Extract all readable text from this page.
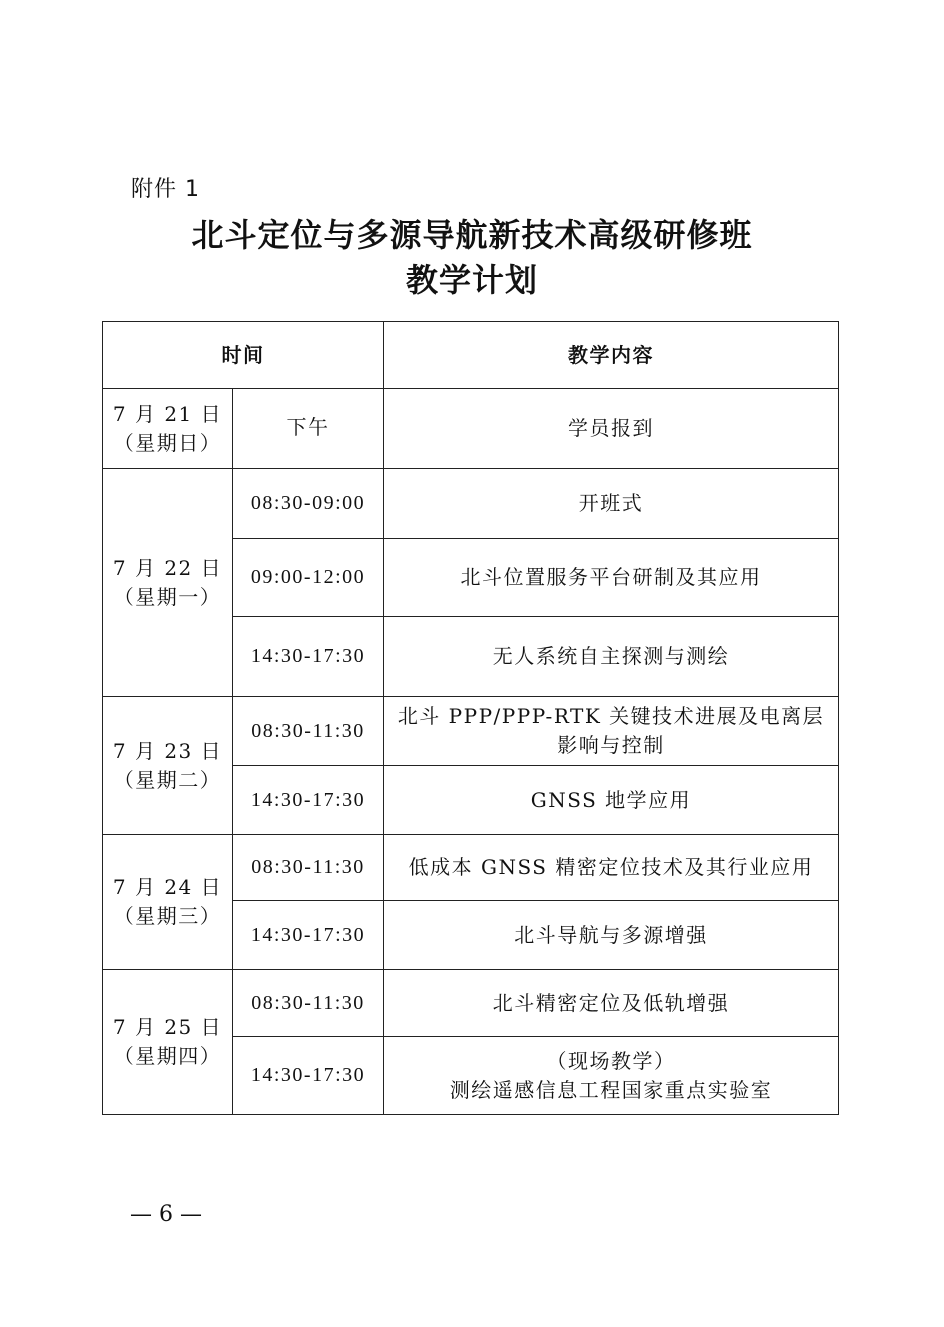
附件 1
北斗定位与多源导航新技术高级研修班
教学计划
时间		教学内容

7 月 21 日
（星期日）	下午	学员报到

7 月 22 日
（星期一）	08:30-09:00	开班式

	09:00-12:00	北斗位置服务平台研制及其应用

	14:30-17:30	无人系统自主探测与测绘

7 月 23 日
（星期二）	08:30-11:30	北斗 PPP/PPP-RTK 关键技术进展及电离层
影响与控制

	14:30-17:30	GNSS 地学应用

7 月 24 日
（星期三）	08:30-11:30	低成本 GNSS 精密定位技术及其行业应用

	14:30-17:30	北斗导航与多源增强

7 月 25 日
（星期四）	08:30-11:30	北斗精密定位及低轨增强

	14:30-17:30	（现场教学）
测绘遥感信息工程国家重点实验室
— 6 —
